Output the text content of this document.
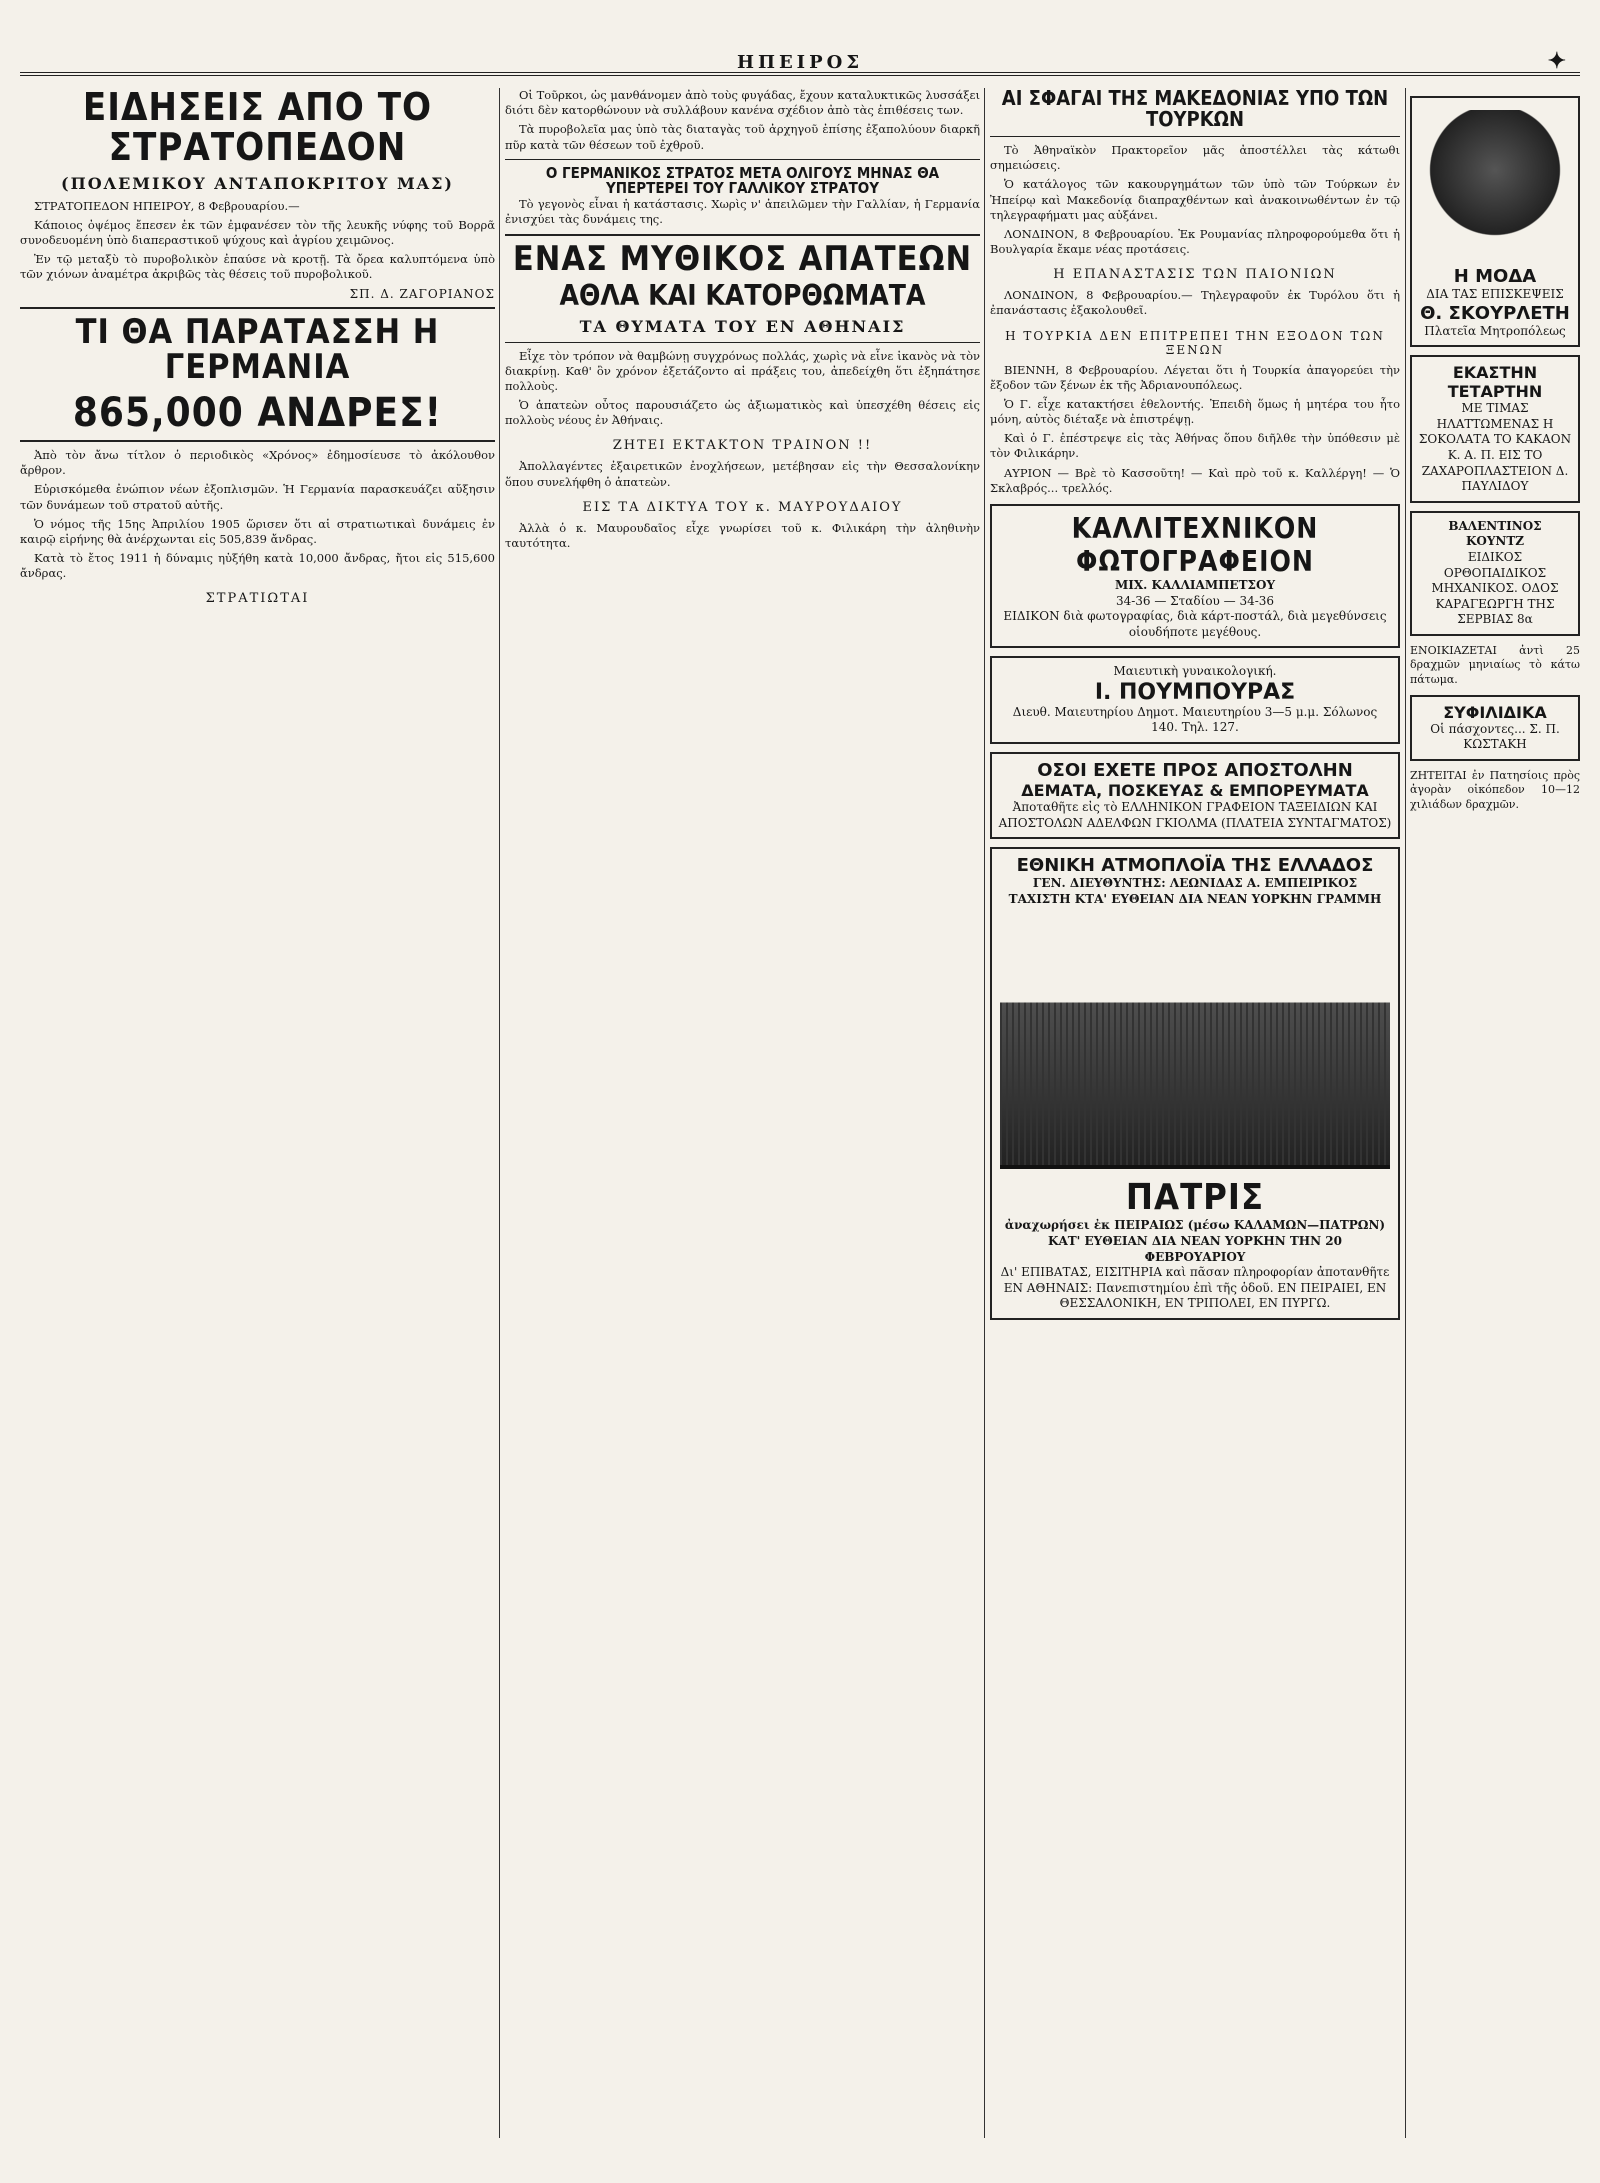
ΗΠΕΙΡΟΣ	✦
ΕΙΔΗΣΕΙΣ ΑΠΟ ΤΟ ΣΤΡΑΤΟΠΕΔΟΝ
(ΠΟΛΕΜΙΚΟΥ ΑΝΤΑΠΟΚΡΙΤΟΥ ΜΑΣ)

ΣΤΡΑΤΟΠΕΔΟΝ ΗΠΕΙΡΟΥ, 8 Φεβρουαρίου.—

Κάποιος ὀψέμος ἔπεσεν ἐκ τῶν ἐμφανέσεν τὸν τῆς λευκῆς νύφης τοῦ Βορρᾶ συνοδευομένη ὑπὸ διαπεραστικοῦ ψύχους καὶ ἀγρίου χειμῶνος.

Ἐν τῷ μεταξὺ τὸ πυροβολικὸν ἐπαύσε νὰ κροτῇ. Τὰ ὄρεα καλυπτόμενα ὑπὸ τῶν χιόνων ἀναμέτρα ἀκριβῶς τὰς θέσεις τοῦ πυροβολικοῦ.

ΣΠ. Δ. ΖΑΓΟΡΙΑΝΟΣ
ΤΙ ΘΑ ΠΑΡΑΤΑΣΣΗ Η ΓΕΡΜΑΝΙΑ
865,000 ΑΝΔΡΕΣ!

Ἀπὸ τὸν ἄνω τίτλον ὁ περιοδικὸς «Χρόνος» ἐδημοσίευσε τὸ ἀκόλουθον ἄρθρον.

Εὐρισκόμεθα ἐνώπιον νέων ἐξοπλισμῶν. Ἡ Γερμανία παρασκευάζει αὔξησιν τῶν δυνάμεων τοῦ στρατοῦ αὐτῆς.

Ὁ νόμος τῆς 15ης Ἀπριλίου 1905 ὥρισεν ὅτι αἱ στρατιωτικαὶ δυνάμεις ἐν καιρῷ εἰρήνης θὰ ἀνέρχωνται εἰς 505,839 ἄνδρας.

Κατὰ τὸ ἔτος 1911 ἡ δύναμις ηὐξήθη κατὰ 10,000 ἄνδρας, ἤτοι εἰς 515,600 ἄνδρας.

ΣΤΡΑΤΙΩΤΑΙ

Οἱ Τοῦρκοι, ὡς μανθάνομεν ἀπὸ τοὺς φυγάδας, ἔχουν καταλυκτικῶς λυσσάξει διότι δὲν κατορθώνουν νὰ συλλάβουν κανένα σχέδιον ἀπὸ τὰς ἐπιθέσεις των.

Τὰ πυροβολεῖα μας ὑπὸ τὰς διαταγὰς τοῦ ἀρχηγοῦ ἐπίσης ἐξαπολύουν διαρκῆ πῦρ κατὰ τῶν θέσεων τοῦ ἐχθροῦ.

Ο ΓΕΡΜΑΝΙΚΟΣ ΣΤΡΑΤΟΣ ΜΕΤΑ ΟΛΙΓΟΥΣ ΜΗΝΑΣ ΘΑ ΥΠΕΡΤΕΡΕΙ ΤΟΥ ΓΑΛΛΙΚΟΥ ΣΤΡΑΤΟΥ

Τὸ γεγονὸς εἶναι ἡ κατάστασις. Χωρὶς ν' ἀπειλῶμεν τὴν Γαλλίαν, ἡ Γερμανία ἐνισχύει τὰς δυνάμεις της.

ΕΝΑΣ ΜΥΘΙΚΟΣ ΑΠΑΤΕΩΝ
ΑΘΛΑ ΚΑΙ ΚΑΤΟΡΘΩΜΑΤΑ
ΤΑ ΘΥΜΑΤΑ ΤΟΥ ΕΝ ΑΘΗΝΑΙΣ

Εἶχε τὸν τρόπον νὰ θαμβώνῃ συγχρόνως πολλάς, χωρὶς νὰ εἶνε ἱκανὸς νὰ τὸν διακρίνῃ. Καθ' ὃν χρόνον ἐξετάζοντο αἱ πράξεις του, ἀπεδείχθη ὅτι ἐξηπάτησε πολλοὺς.

Ὁ ἀπατεὼν οὗτος παρουσιάζετο ὡς ἀξιωματικὸς καὶ ὑπεσχέθη θέσεις εἰς πολλοὺς νέους ἐν Ἀθήναις.

ΖΗΤΕΙ ΕΚΤΑΚΤΟΝ ΤΡΑΙΝΟΝ !!

Ἀπολλαγέντες ἐξαιρετικῶν ἐνοχλήσεων, μετέβησαν εἰς τὴν Θεσσαλονίκην ὅπου συνελήφθη ὁ ἀπατεὼν.

ΕΙΣ ΤΑ ΔΙΚΤΥΑ ΤΟΥ κ. ΜΑΥΡΟΥΔΑΙΟΥ

Ἀλλὰ ὁ κ. Μαυρουδαῖος εἶχε γνωρίσει τοῦ κ. Φιλικάρη τὴν ἀληθινὴν ταυτότητα.

ΑΙ ΣΦΑΓΑΙ ΤΗΣ ΜΑΚΕΔΟΝΙΑΣ ΥΠΟ ΤΩΝ ΤΟΥΡΚΩΝ

Τὸ Ἀθηναϊκὸν Πρακτορεῖον μᾶς ἀποστέλλει τὰς κάτωθι σημειώσεις.

Ὁ κατάλογος τῶν κακουργημάτων τῶν ὑπὸ τῶν Τούρκων ἐν Ἠπείρῳ καὶ Μακεδονίᾳ διαπραχθέντων καὶ ἀνακοινωθέντων ἐν τῷ τηλεγραφήματι μας αὐξάνει.

ΛΟΝΔΙΝΟΝ, 8 Φεβρουαρίου. Ἐκ Ρουμανίας πληροφορούμεθα ὅτι ἡ Βουλγαρία ἔκαμε νέας προτάσεις.

Η ΕΠΑΝΑΣΤΑΣΙΣ ΤΩΝ ΠΑΙΟΝΙΩΝ

ΛΟΝΔΙΝΟΝ, 8 Φεβρουαρίου.— Τηλεγραφοῦν ἐκ Τυρόλου ὅτι ἡ ἐπανάστασις ἐξακολουθεῖ.

Η ΤΟΥΡΚΙΑ ΔΕΝ ΕΠΙΤΡΕΠΕΙ ΤΗΝ ΕΞΟΔΟΝ ΤΩΝ ΞΕΝΩΝ

ΒΙΕΝΝΗ, 8 Φεβρουαρίου. Λέγεται ὅτι ἡ Τουρκία ἀπαγορεύει τὴν ἔξοδον τῶν ξένων ἐκ τῆς Ἀδριανουπόλεως.

Ὁ Γ. εἶχε κατακτήσει ἐθελοντής. Ἐπειδὴ ὅμως ἡ μητέρα του ἦτο μόνη, αὐτὸς διέταξε νὰ ἐπιστρέψῃ.

Καὶ ὁ Γ. ἐπέστρεψε εἰς τὰς Ἀθήνας ὅπου διῆλθε τὴν ὑπόθεσιν μὲ τὸν Φιλικάρην.

ΑΥΡΙΟΝ — Βρὲ τὸ Κασσοῦτη! — Καὶ πρὸ τοῦ κ. Καλλέργη! — Ὁ Σκλαβρός... τρελλός.

ΚΑΛΛΙΤΕΧΝΙΚΟΝ
ΦΩΤΟΓΡΑΦΕΙΟΝ
ΜΙΧ. ΚΑΛΛΙΑΜΠΕΤΣΟΥ
34-36 — Σταδίου — 34-36
ΕΙΔΙΚΟΝ διὰ φωτογραφίας, διὰ κάρτ-ποστάλ, διὰ μεγεθύνσεις οἱουδήποτε μεγέθους.
Μαιευτικὴ γυναικολογική.
Ι. ΠΟΥΜΠΟΥΡΑΣ
Διευθ. Μαιευτηρίου Δημοτ. Μαιευτηρίου 3—5 μ.μ. Σόλωνος 140. Τηλ. 127.
ΟΣΟΙ ΕΧΕΤΕ ΠΡΟΣ ΑΠΟΣΤΟΛΗΝ
ΔΕΜΑΤΑ, ΠΟΣΚΕΥΑΣ & ΕΜΠΟΡΕΥΜΑΤΑ
Ἀποταθῆτε εἰς τὸ ΕΛΛΗΝΙΚΟΝ ΓΡΑΦΕΙΟΝ ΤΑΞΕΙΔΙΩΝ ΚΑΙ ΑΠΟΣΤΟΛΩΝ ΑΔΕΛΦΩΝ ΓΚΙΟΛΜΑ (ΠΛΑΤΕΙΑ ΣΥΝΤΑΓΜΑΤΟΣ)
ΕΘΝΙΚΗ ΑΤΜΟΠΛΟΪΑ ΤΗΣ ΕΛΛΑΔΟΣ
ΓΕΝ. ΔΙΕΥΘΥΝΤΗΣ: ΛΕΩΝΙΔΑΣ Α. ΕΜΠΕΙΡΙΚΟΣ
ΤΑΧΙΣΤΗ ΚΤΑ' ΕΥΘΕΙΑΝ ΔΙΑ ΝΕΑΝ ΥΟΡΚΗΝ ΓΡΑΜΜΗ
ΠΑΤΡΙΣ
ἀναχωρήσει ἐκ ΠΕΙΡΑΙΩΣ (μέσω ΚΑΛΑΜΩΝ—ΠΑΤΡΩΝ) ΚΑΤ' ΕΥΘΕΙΑΝ ΔΙΑ ΝΕΑΝ ΥΟΡΚΗΝ ΤΗΝ 20 ΦΕΒΡΟΥΑΡΙΟΥ
Δι' ΕΠΙΒΑΤΑΣ, ΕΙΣΙΤΗΡΙΑ καὶ πᾶσαν πληροφορίαν ἀποτανθῆτε ΕΝ ΑΘΗΝΑΙΣ: Πανεπιστημίου ἐπὶ τῆς ὁδοῦ. ΕΝ ΠΕΙΡΑΙΕΙ, ΕΝ ΘΕΣΣΑΛΟΝΙΚΗ, ΕΝ ΤΡΙΠΟΛΕΙ, ΕΝ ΠΥΡΓΩ.
Η ΜΟΔΑ
ΔΙΑ ΤΑΣ ΕΠΙΣΚΕΨΕΙΣ
Θ. ΣΚΟΥΡΛΕΤΗ
Πλατεῖα Μητροπόλεως
ΕΚΑΣΤΗΝ ΤΕΤΑΡΤΗΝ
ΜΕ ΤΙΜΑΣ ΗΛΑΤΤΩΜΕΝΑΣ Η ΣΟΚΟΛΑΤΑ ΤΟ ΚΑΚΑΟΝ Κ. Α. Π. ΕΙΣ ΤΟ ΖΑΧΑΡΟΠΛΑΣΤΕΙΟΝ Δ. ΠΑΥΛΙΔΟΥ
ΒΑΛΕΝΤΙΝΟΣ ΚΟΥΝΤΖ
ΕΙΔΙΚΟΣ ΟΡΘΟΠΑΙΔΙΚΟΣ ΜΗΧΑΝΙΚΟΣ. ΟΔΟΣ ΚΑΡΑΓΕΩΡΓΗ ΤΗΣ ΣΕΡΒΙΑΣ 8α

ΕΝΟΙΚΙΑΖΕΤΑΙ ἀντὶ 25 δραχμῶν μηνιαίως τὸ κάτω πάτωμα.

ΣΥΦΙΛΙΔΙΚΑ
Οἱ πάσχοντες... Σ. Π. ΚΩΣΤΑΚΗ

ΖΗΤΕΙΤΑΙ ἐν Πατησίοις πρὸς ἀγορὰν οἰκόπεδον 10—12 χιλιάδων δραχμῶν.
